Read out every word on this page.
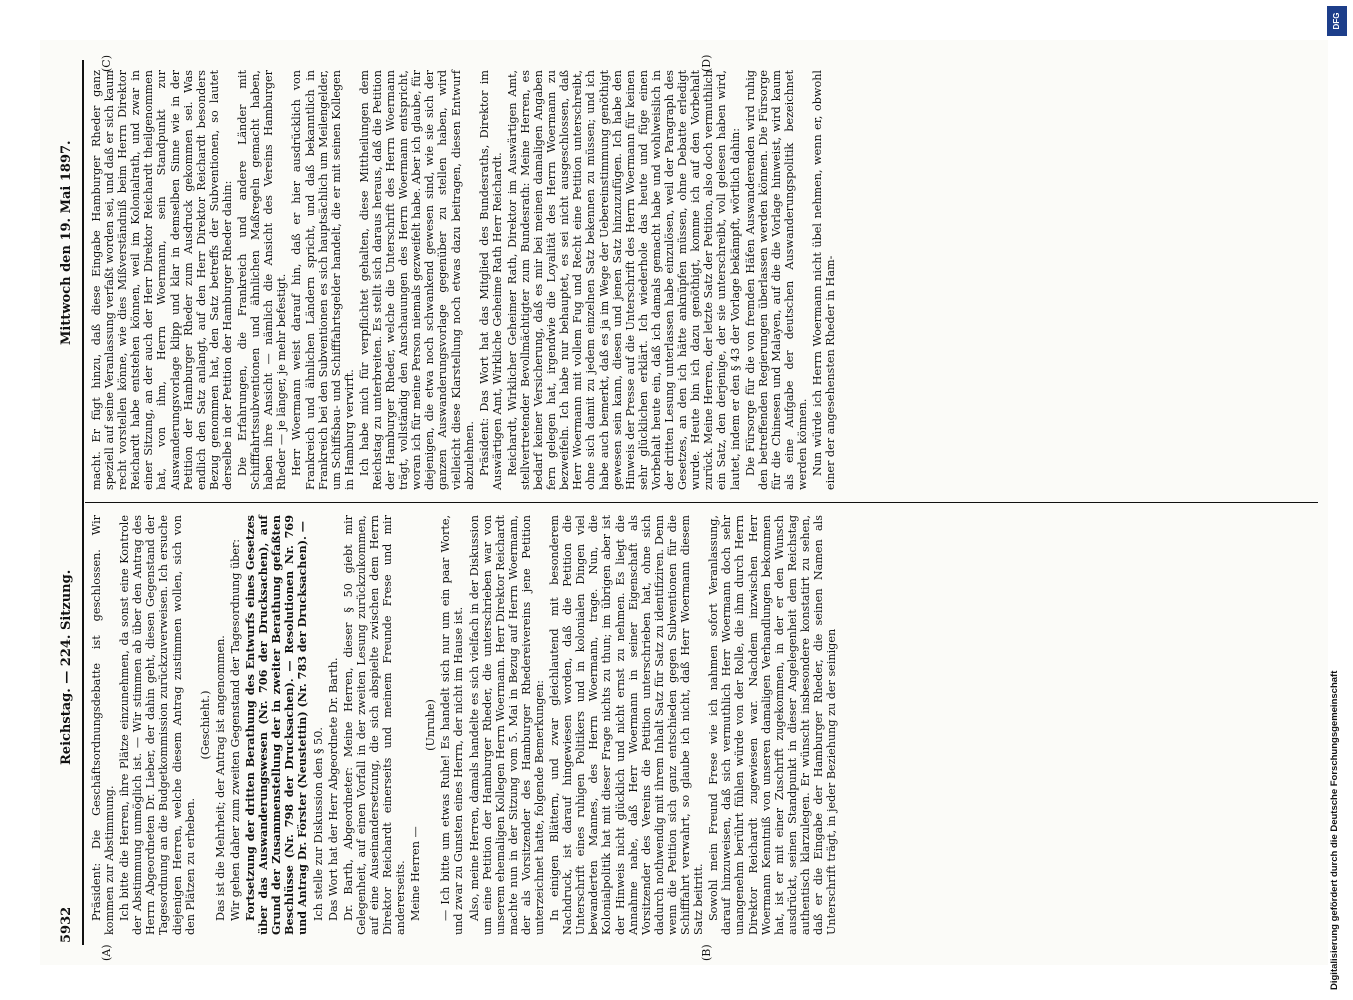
5932
Reichstag. — 224. Sitzung.
Mittwoch den 19. Mai 1897.
(A)	(B)
(C)	(D)

Präsident: Die Geschäftsordnungsdebatte ist geschlossen. Wir kommen zur Abstimmung. Ich bitte die Herren, ihre Plätze einzunehmen, da sonst eine Kontrole der Abstimmung unmöglich ist. — Wir stimmen ab über den Antrag des Herrn Abgeordneten Dr. Lieber, der dahin geht, diesen Gegenstand der Tagesordnung an die Budgetkommission zurückzuverweisen. Ich ersuche diejenigen Herren, welche diesem Antrag zustimmen wollen, sich von den Plätzen zu erheben.

(Geschieht.) Das ist die Mehrheit; der Antrag ist angenommen. Wir gehen daher zum zweiten Gegenstand der Tagesordnung über: Fortsetzung der dritten Berathung des Entwurfs eines Gesetzes über das Auswanderungswesen (Nr. 706 der Drucksachen), auf Grund der Zusammenstellung der in zweiter Berathung gefaßten Beschlüsse (Nr. 798 der Drucksachen). — Resolutionen Nr. 769 und Antrag Dr. Förster (Neustettin) (Nr. 783 der Drucksachen). — Ich stelle zur Diskussion den § 50. Das Wort hat der Herr Abgeordnete Dr. Barth. Dr. Barth, Abgeordneter: Meine Herren, dieser § 50 giebt mir Gelegenheit, auf einen Vorfall in der zweiten Lesung zurückzukommen, auf eine Auseinandersetzung, die sich abspielte zwischen dem Herrn Direktor Reichardt einerseits und meinem Freunde Frese und mir andererseits. Meine Herren —

(Unruhe) — Ich bitte um etwas Ruhe! Es handelt sich nur um ein paar Worte, und zwar zu Gunsten eines Herrn, der nicht im Hause ist. Also, meine Herren, damals handelte es sich vielfach in der Diskussion um eine Petition der Hamburger Rheder, die unterschrieben war von unserem ehemaligen Kollegen Herrn Woermann. Herr Direktor Reichardt machte nun in der Sitzung vom 5. Mai in Bezug auf Herrn Woermann, der als Vorsitzender des Hamburger Rhedereivereins jene Petition unterzeichnet hatte, folgende Bemerkungen: In einigen Blättern, und zwar gleichlautend mit besonderem Nachdruck, ist darauf hingewiesen worden, daß die Petition die Unterschrift eines ruhigen Politikers und in kolonialen Dingen viel bewanderten Mannes, des Herrn Woermann, trage. Nun, die Kolonialpolitik hat mit dieser Frage nichts zu thun; im übrigen aber ist der Hinweis nicht glücklich und nicht ernst zu nehmen. Es liegt die Annahme nahe, daß Herr Woermann in seiner Eigenschaft als Vorsitzender des Vereins die Petition unterschrieben hat, ohne sich dadurch nothwendig mit ihrem Inhalt Satz für Satz zu identifiziren. Denn wenn die Petition sich ganz entschieden gegen Subventionen für die Schifffahrt verwahrt, so glaube ich nicht, daß Herr Woermann diesem Satz beitritt. Sowohl mein Freund Frese wie ich nahmen sofort Veranlassung, darauf hinzuweisen, daß sich vermuthlich Herr Woermann doch sehr unangenehm berührt fühlen würde von der Rolle, die ihm durch Herrn Direktor Reichardt zugewiesen war. Nachdem inzwischen Herr Woermann Kenntniß von unseren damaligen Verhandlungen bekommen hat, ist er mit einer Zuschrift zugekommen, in der er den Wunsch ausdrückt, seinen Standpunkt in dieser Angelegenheit dem Reichstag authentisch klarzulegen. Er wünscht insbesondere konstatirt zu sehen, daß er die Eingabe der Hamburger Rheder, die seinen Namen als Unterschrift trägt, in jeder Beziehung zu der seinigen

macht. Er fügt hinzu, daß diese Eingabe Hamburger Rheder ganz speziell auf seine Veranlassung verfaßt worden sei, und daß er sich kaum recht vorstellen könne, wie dies Mißverständniß beim Herrn Direktor Reichardt habe entstehen können, weil im Kolonialrath, und zwar in einer Sitzung, an der auch der Herr Direktor Reichardt theilgenommen hat, von ihm, Herrn Woermann, sein Standpunkt zur Auswanderungsvorlage klipp und klar in demselben Sinne wie in der Petition der Hamburger Rheder zum Ausdruck gekommen sei. Was endlich den Satz anlangt, auf den Herr Direktor Reichardt besonders Bezug genommen hat, den Satz betreffs der Subventionen, so lautet derselbe in der Petition der Hamburger Rheder dahin: Die Erfahrungen, die Frankreich und andere Länder mit Schifffahrtssubventionen und ähnlichen Maßregeln gemacht haben, haben ihre Ansicht — nämlich die Ansicht des Vereins Hamburger Rheder — je länger, je mehr befestigt. Herr Woermann weist darauf hin, daß er hier ausdrücklich von Frankreich und ähnlichen Ländern spricht, und daß bekanntlich in Frankreich bei den Subventionen es sich hauptsächlich um Meilengelder, um Schiffsbau- und Schifffahrtsgelder handelt, die er mit seinen Kollegen in Hamburg verwirft. Ich habe mich für verpflichtet gehalten, diese Mittheilungen dem Reichstag zu unterbreiten. Es stellt sich daraus heraus, daß die Petition der Hamburger Rheder, welche die Unterschrift des Herrn Woermann trägt, vollständig den Anschauungen des Herrn Woermann entspricht, woran ich für meine Person niemals gezweifelt habe. Aber ich glaube, für diejenigen, die etwa noch schwankend gewesen sind, wie sie sich der ganzen Auswanderungsvorlage gegenüber zu stellen haben, wird vielleicht diese Klarstellung noch etwas dazu beitragen, diesen Entwurf abzulehnen. Präsident: Das Wort hat das Mitglied des Bundesraths, Direktor im Auswärtigen Amt, Wirkliche Geheime Rath Herr Reichardt. Reichardt, Wirklicher Geheimer Rath, Direktor im Auswärtigen Amt, stellvertretender Bevollmächtigter zum Bundesrath: Meine Herren, es bedarf keiner Versicherung, daß es mir bei meinen damaligen Angaben fern gelegen hat, irgendwie die Loyalität des Herrn Woermann zu bezweifeln. Ich habe nur behauptet, es sei nicht ausgeschlossen, daß Herr Woermann mit vollem Fug und Recht eine Petition unterschreibt, ohne sich damit zu jedem einzelnen Satz bekennen zu müssen; und ich habe auch bemerkt, daß es ja im Wege der Uebereinstimmung genöthigt gewesen sein kann, diesen und jenen Satz hinzuzufügen. Ich habe den Hinweis der Presse auf die Unterschrift des Herrn Woermann für keinen sehr glücklichen erklärt. Ich wiederhole das heute und füge einen Vorbehalt heute ein, daß ich damals gemacht habe und wohlweislich in der dritten Lesung unterlassen habe einzulösen, weil der Paragraph des Gesetzes, an den ich hätte anknüpfen müssen, ohne Debatte erledigt wurde. Heute bin ich dazu genöthigt, komme ich auf den Vorbehalt zurück. Meine Herren, der letzte Satz der Petition, also doch vermuthlich ein Satz, den derjenige, der sie unterschreibt, voll gelesen haben wird, lautet, indem er den § 43 der Vorlage bekämpft, wörtlich dahin: Die Fürsorge für die von fremden Häfen Auswanderenden wird ruhig den betreffenden Regierungen überlassen werden können. Die Fürsorge für die Chinesen und Malayen, auf die die Vorlage hinweist, wird kaum als eine Aufgabe der deutschen Auswanderungspolitik bezeichnet werden können. Nun würde ich Herrn Woermann nicht übel nehmen, wenn er, obwohl einer der angesehensten Rheder in Ham-

DFG
Digitalisierung gefördert durch die Deutsche Forschungsgemeinschaft
